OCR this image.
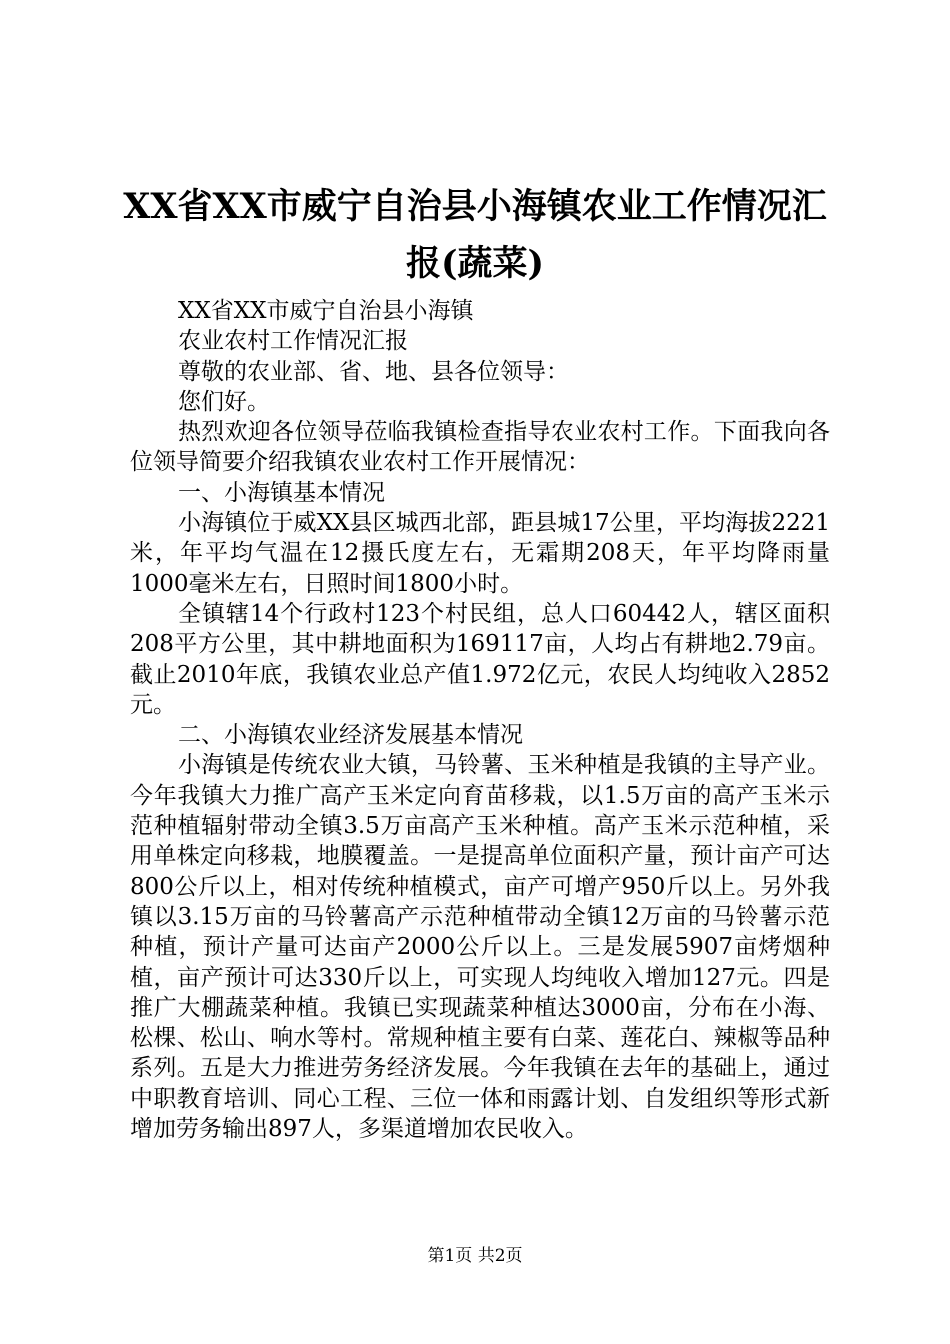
XX省XX市威宁自治县小海镇农业工作情况汇
报(蔬菜)
XX省XX市威宁自治县小海镇
农业农村工作情况汇报
尊敬的农业部、省、地、县各位领导：
您们好。

热烈欢迎各位领导莅临我镇检查指导农业农村工作。下面我向各位领导简要介绍我镇农业农村工作开展情况：

一、小海镇基本情况

小海镇位于威XX县区城西北部，距县城17公里，平均海拔2221米，年平均气温在12摄氏度左右，无霜期208天，年平均降雨量1000毫米左右，日照时间1800小时。

全镇辖14个行政村123个村民组，总人口60442人，辖区面积208平方公里，其中耕地面积为169117亩，人均占有耕地2.79亩。截止2010年底，我镇农业总产值1.972亿元，农民人均纯收入2852元。

二、小海镇农业经济发展基本情况

小海镇是传统农业大镇，马铃薯、玉米种植是我镇的主导产业。今年我镇大力推广高产玉米定向育苗移栽，以1.5万亩的高产玉米示范种植辐射带动全镇3.5万亩高产玉米种植。高产玉米示范种植，采用单株定向移栽，地膜覆盖。一是提高单位面积产量，预计亩产可达800公斤以上，相对传统种植模式，亩产可增产950斤以上。另外我镇以3.15万亩的马铃薯高产示范种植带动全镇12万亩的马铃薯示范种植，预计产量可达亩产2000公斤以上。三是发展5907亩烤烟种植，亩产预计可达330斤以上，可实现人均纯收入增加127元。四是推广大棚蔬菜种植。我镇已实现蔬菜种植达3000亩，分布在小海、松棵、松山、响水等村。常规种植主要有白菜、莲花白、辣椒等品种系列。五是大力推进劳务经济发展。今年我镇在去年的基础上，通过中职教育培训、同心工程、三位一体和雨露计划、自发组织等形式新增加劳务输出897人，多渠道增加农民收入。

第1页 共2页
